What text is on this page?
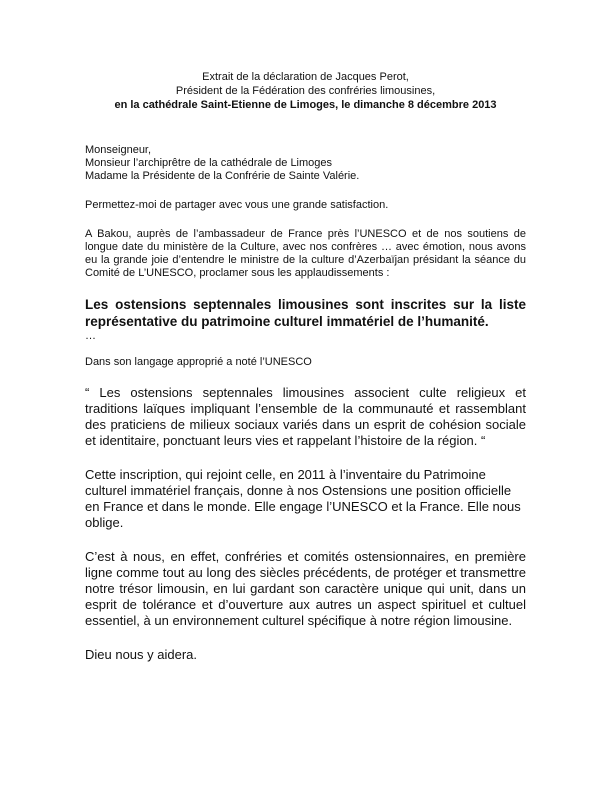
Extrait de la déclaration de Jacques Perot,
Président de la Fédération des confréries limousines,
en la cathédrale Saint-Etienne de Limoges, le dimanche 8 décembre 2013
Monseigneur,
Monsieur l’archiprêtre de la cathédrale de Limoges
Madame la Présidente de la Confrérie de Sainte Valérie.
Permettez-moi de partager avec vous une grande satisfaction.
A Bakou, auprès de l’ambassadeur de France près l’UNESCO et de nos soutiens de longue date du ministère de la Culture, avec nos confrères … avec émotion, nous avons eu la grande joie d’entendre le ministre de la culture d’Azerbaïjan présidant la séance du Comité de L’UNESCO, proclamer sous les applaudissements :
Les ostensions septennales limousines sont inscrites sur la liste représentative du patrimoine culturel immatériel de l’humanité.
…
Dans son langage approprié a noté l’UNESCO
“ Les ostensions septennales limousines associent culte religieux et traditions laïques impliquant l’ensemble de la communauté et rassemblant des praticiens de milieux sociaux variés dans un esprit de cohésion sociale et identitaire, ponctuant leurs vies et rappelant l’histoire de la région. “
Cette inscription, qui rejoint celle, en 2011 à l’inventaire du Patrimoine culturel immatériel français, donne à nos Ostensions une position officielle en France et dans le monde. Elle engage l’UNESCO et la France. Elle nous oblige.
C’est à nous, en effet, confréries et comités ostensionnaires, en première ligne comme tout au long des siècles précédents, de protéger et transmettre notre trésor limousin, en lui gardant son caractère unique qui unit, dans un esprit de tolérance et d’ouverture aux autres un aspect spirituel et cultuel essentiel, à un environnement culturel spécifique à notre région limousine.
Dieu nous y aidera.
